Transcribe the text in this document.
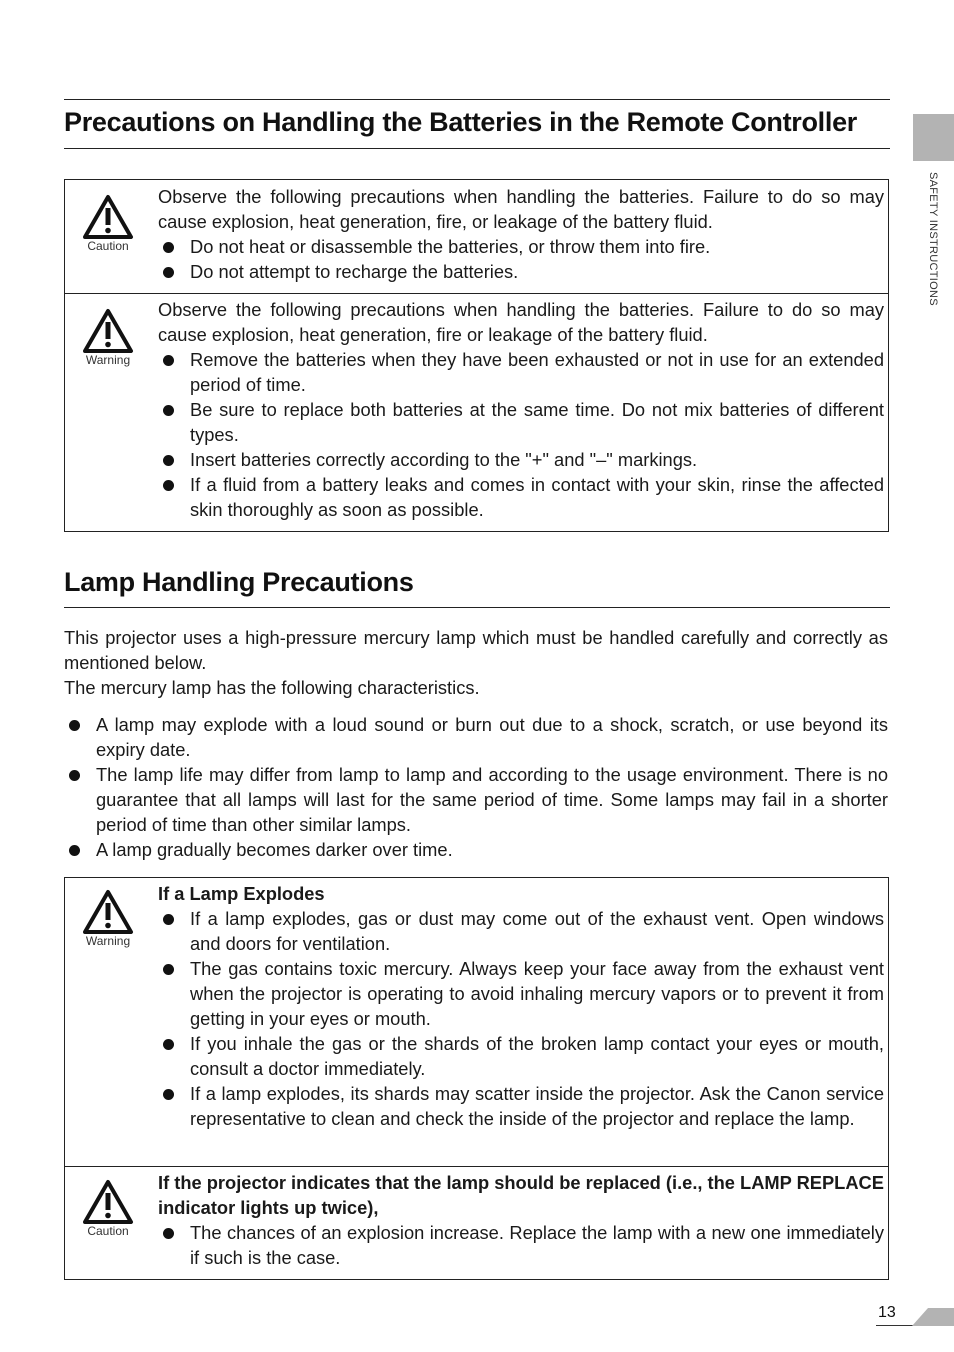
SAFETY INSTRUCTIONS
Precautions on Handling the Batteries in the Remote Controller
Caution

Observe the following precautions when handling the batteries. Failure to do so may cause explosion, heat generation, fire, or leakage of the battery fluid.

Do not heat or disassemble the batteries, or throw them into fire.
Do not attempt to recharge the batteries.
Warning

Observe the following precautions when handling the batteries. Failure to do so may cause explosion, heat generation, fire or leakage of the battery fluid.

Remove the batteries when they have been exhausted or not in use for an extended period of time.
Be sure to replace both batteries at the same time. Do not mix batteries of different types.
Insert batteries correctly according to the "+" and "–" markings.
If a fluid from a battery leaks and comes in contact with your skin, rinse the affected skin thoroughly as soon as possible.
Lamp Handling Precautions

This projector uses a high-pressure mercury lamp which must be handled carefully and correctly as mentioned below.

The mercury lamp has the following characteristics.

A lamp may explode with a loud sound or burn out due to a shock, scratch, or use beyond its expiry date.
The lamp life may differ from lamp to lamp and according to the usage environment. There is no guarantee that all lamps will last for the same period of time. Some lamps may fail in a shorter period of time than other similar lamps.
A lamp gradually becomes darker over time.
Warning

If a Lamp Explodes

If a lamp explodes, gas or dust may come out of the exhaust vent. Open windows and doors for ventilation.
The gas contains toxic mercury. Always keep your face away from the exhaust vent when the projector is operating to avoid inhaling mercury vapors or to prevent it from getting in your eyes or mouth.
If you inhale the gas or the shards of the broken lamp contact your eyes or mouth, consult a doctor immediately.
If a lamp explodes, its shards may scatter inside the projector. Ask the Canon service representative to clean and check the inside of the projector and replace the lamp.
Caution

If the projector indicates that the lamp should be replaced (i.e., the LAMP REPLACE indicator lights up twice),

The chances of an explosion increase. Replace the lamp with a new one immediately if such is the case.
13
